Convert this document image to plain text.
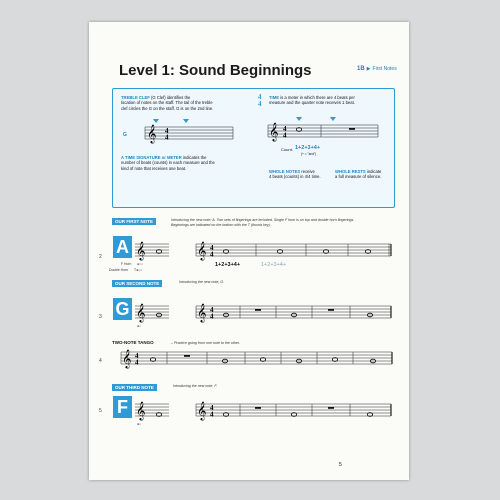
Level 1: Sound Beginnings	1B ▶ First Notes
TREBLE CLEF (G Clef) identifies the
location of notes on the staff. The tail of the treble
clef circles the G on the staff. G is on the 2nd line.
𝄞 4
4
G
A TIME SIGNATURE or METER indicates the
number of beats (counts) in each measure and the
kind of note that receives one beat.
4
4
TIME is a meter in which there are 4 beats per
measure and the quarter note receives 1 beat.
𝄞 4
4
Count: 1+2+3+4+
(+ = "and")
WHOLE NOTES receive
4 beats (counts) in 4/4 time.
WHOLE RESTS indicate
a full measure of silence.
OUR FIRST NOTE	Introducing the new note, A. Two sets of fingerings are included. Single F horn is on top and double horn fingerings.
Beginnings are indicated on the bottom with the T (thumb key).
2 A 𝄞
F Horn ●○○
Double Horn T●○○
𝄞 4
4
1+2+3+4+	1+2+3+4+
OUR SECOND NOTE	Introducing the new note, G.
3 G 𝄞
●○
𝄞 4
4
TWO-NOTE TANGO	– Practice going from one note to the other.
4 𝄞 4
4
OUR THIRD NOTE	Introducing the new note, F.
5 F 𝄞
●○
𝄞 4
4
5
